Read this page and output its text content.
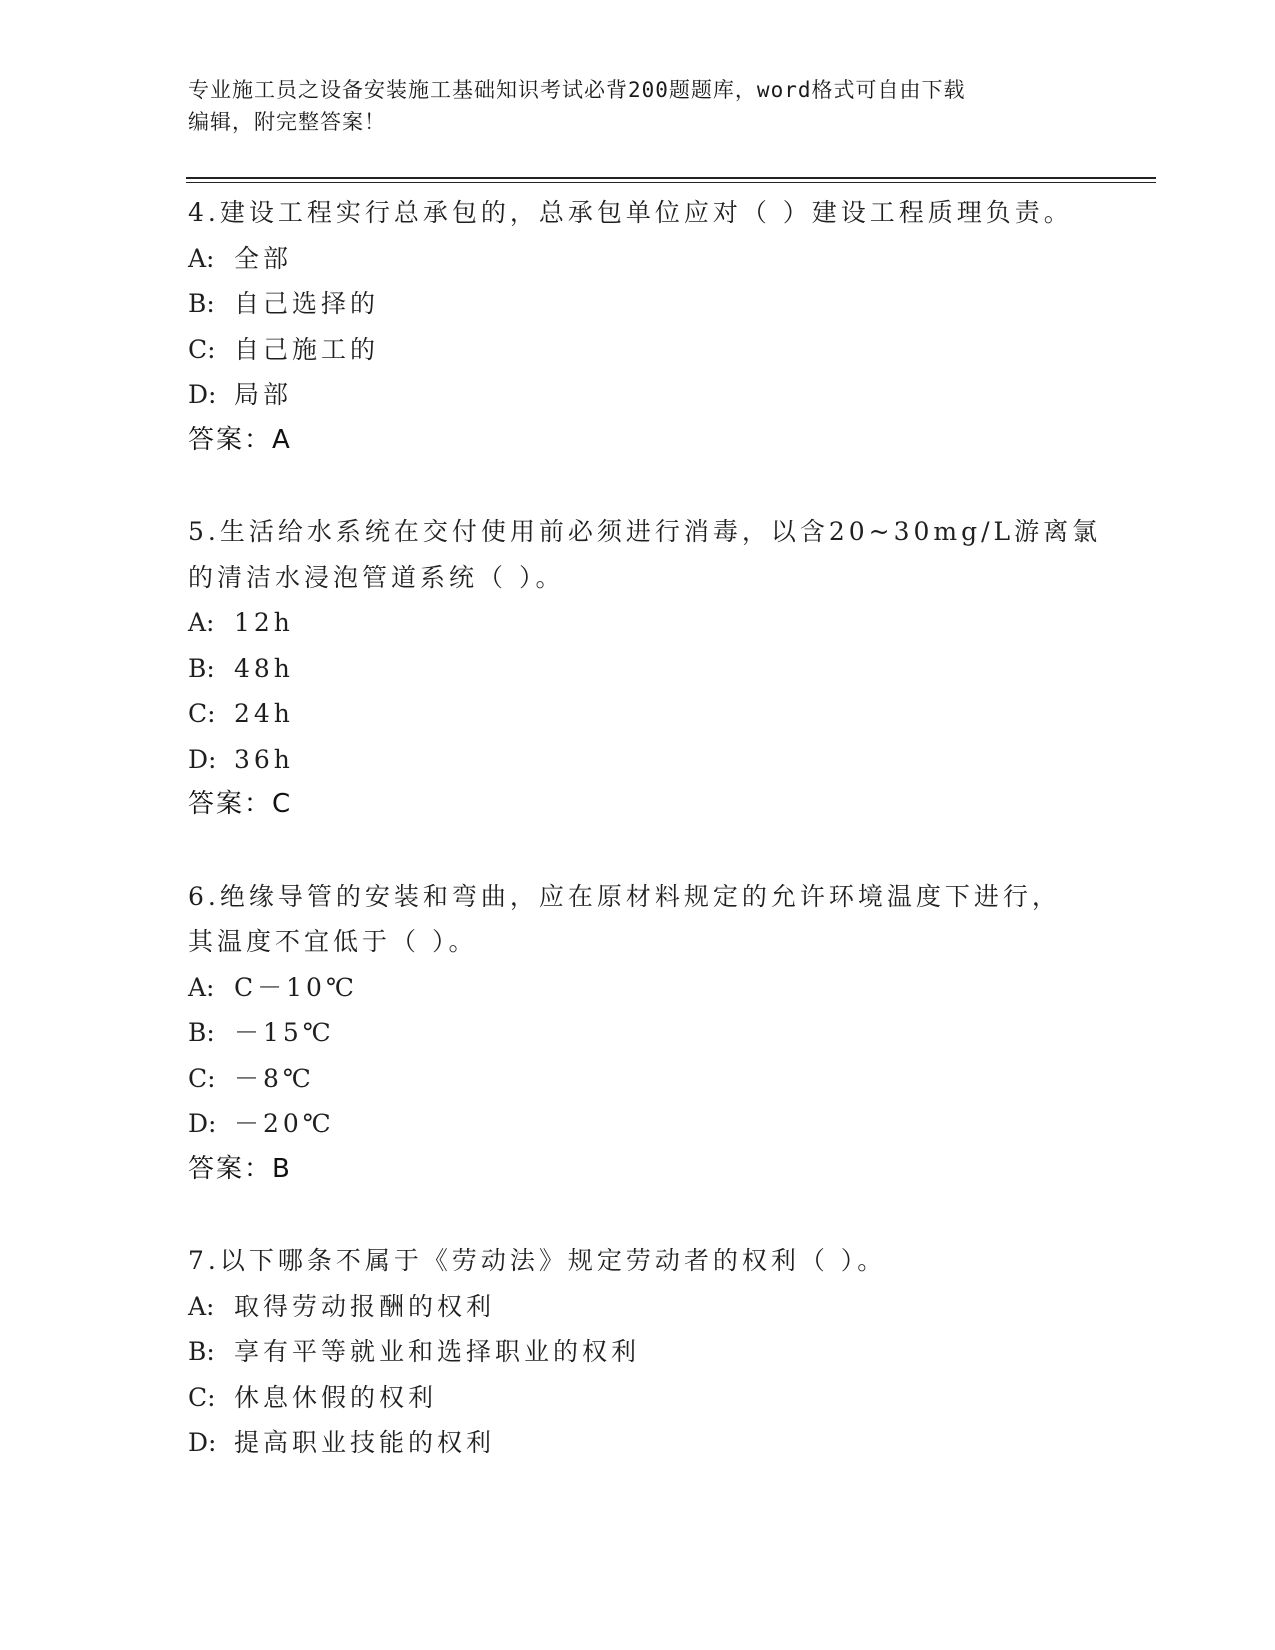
专业施工员之设备安装施工基础知识考试必背200题题库，word格式可自由下载
编辑，附完整答案！
4.建设工程实行总承包的，总承包单位应对（ ）建设工程质理负责。
A: 全部
B: 自己选择的
C: 自己施工的
D: 局部
答案：A
5.生活给水系统在交付使用前必须进行消毒，以含20~30mg/L游离氯
的清洁水浸泡管道系统（ ）。
A: 12h
B: 48h
C: 24h
D: 36h
答案：C
6.绝缘导管的安装和弯曲，应在原材料规定的允许环境温度下进行，
其温度不宜低于（ ）。
A: C－10℃
B: －15℃
C: －8℃
D: －20℃
答案：B
7.以下哪条不属于《劳动法》规定劳动者的权利（ ）。
A: 取得劳动报酬的权利
B: 享有平等就业和选择职业的权利
C: 休息休假的权利
D: 提高职业技能的权利
